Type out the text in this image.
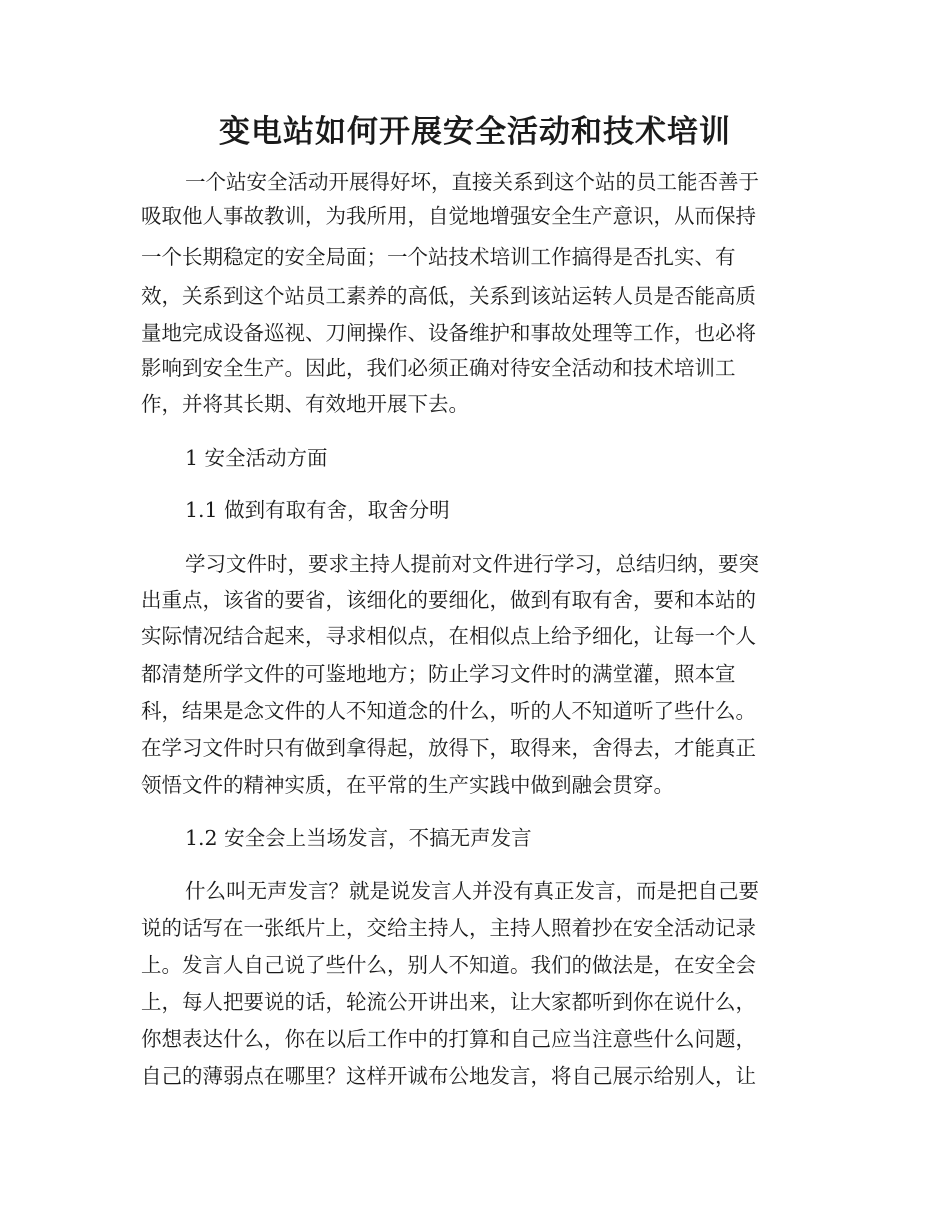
变电站如何开展安全活动和技术培训

一个站安全活动开展得好坏，直接关系到这个站的员工能否善于

吸取他人事故教训，为我所用，自觉地增强安全生产意识，从而保持

一个长期稳定的安全局面；一个站技术培训工作搞得是否扎实、有

效，关系到这个站员工素养的高低，关系到该站运转人员是否能高质

量地完成设备巡视、刀闸操作、设备维护和事故处理等工作，也必将

影响到安全生产。因此，我们必须正确对待安全活动和技术培训工

作，并将其长期、有效地开展下去。

1 安全活动方面

1.1 做到有取有舍，取舍分明

学习文件时，要求主持人提前对文件进行学习，总结归纳，要突

出重点，该省的要省，该细化的要细化，做到有取有舍，要和本站的

实际情况结合起来，寻求相似点，在相似点上给予细化，让每一个人

都清楚所学文件的可鉴地地方；防止学习文件时的满堂灌，照本宣

科，结果是念文件的人不知道念的什么，听的人不知道听了些什么。

在学习文件时只有做到拿得起，放得下，取得来，舍得去，才能真正

领悟文件的精神实质，在平常的生产实践中做到融会贯穿。

1.2 安全会上当场发言，不搞无声发言

什么叫无声发言？就是说发言人并没有真正发言，而是把自己要

说的话写在一张纸片上，交给主持人，主持人照着抄在安全活动记录

上。发言人自己说了些什么，别人不知道。我们的做法是，在安全会

上，每人把要说的话，轮流公开讲出来，让大家都听到你在说什么，

你想表达什么，你在以后工作中的打算和自己应当注意些什么问题，

自己的薄弱点在哪里？这样开诚布公地发言，将自己展示给别人，让
